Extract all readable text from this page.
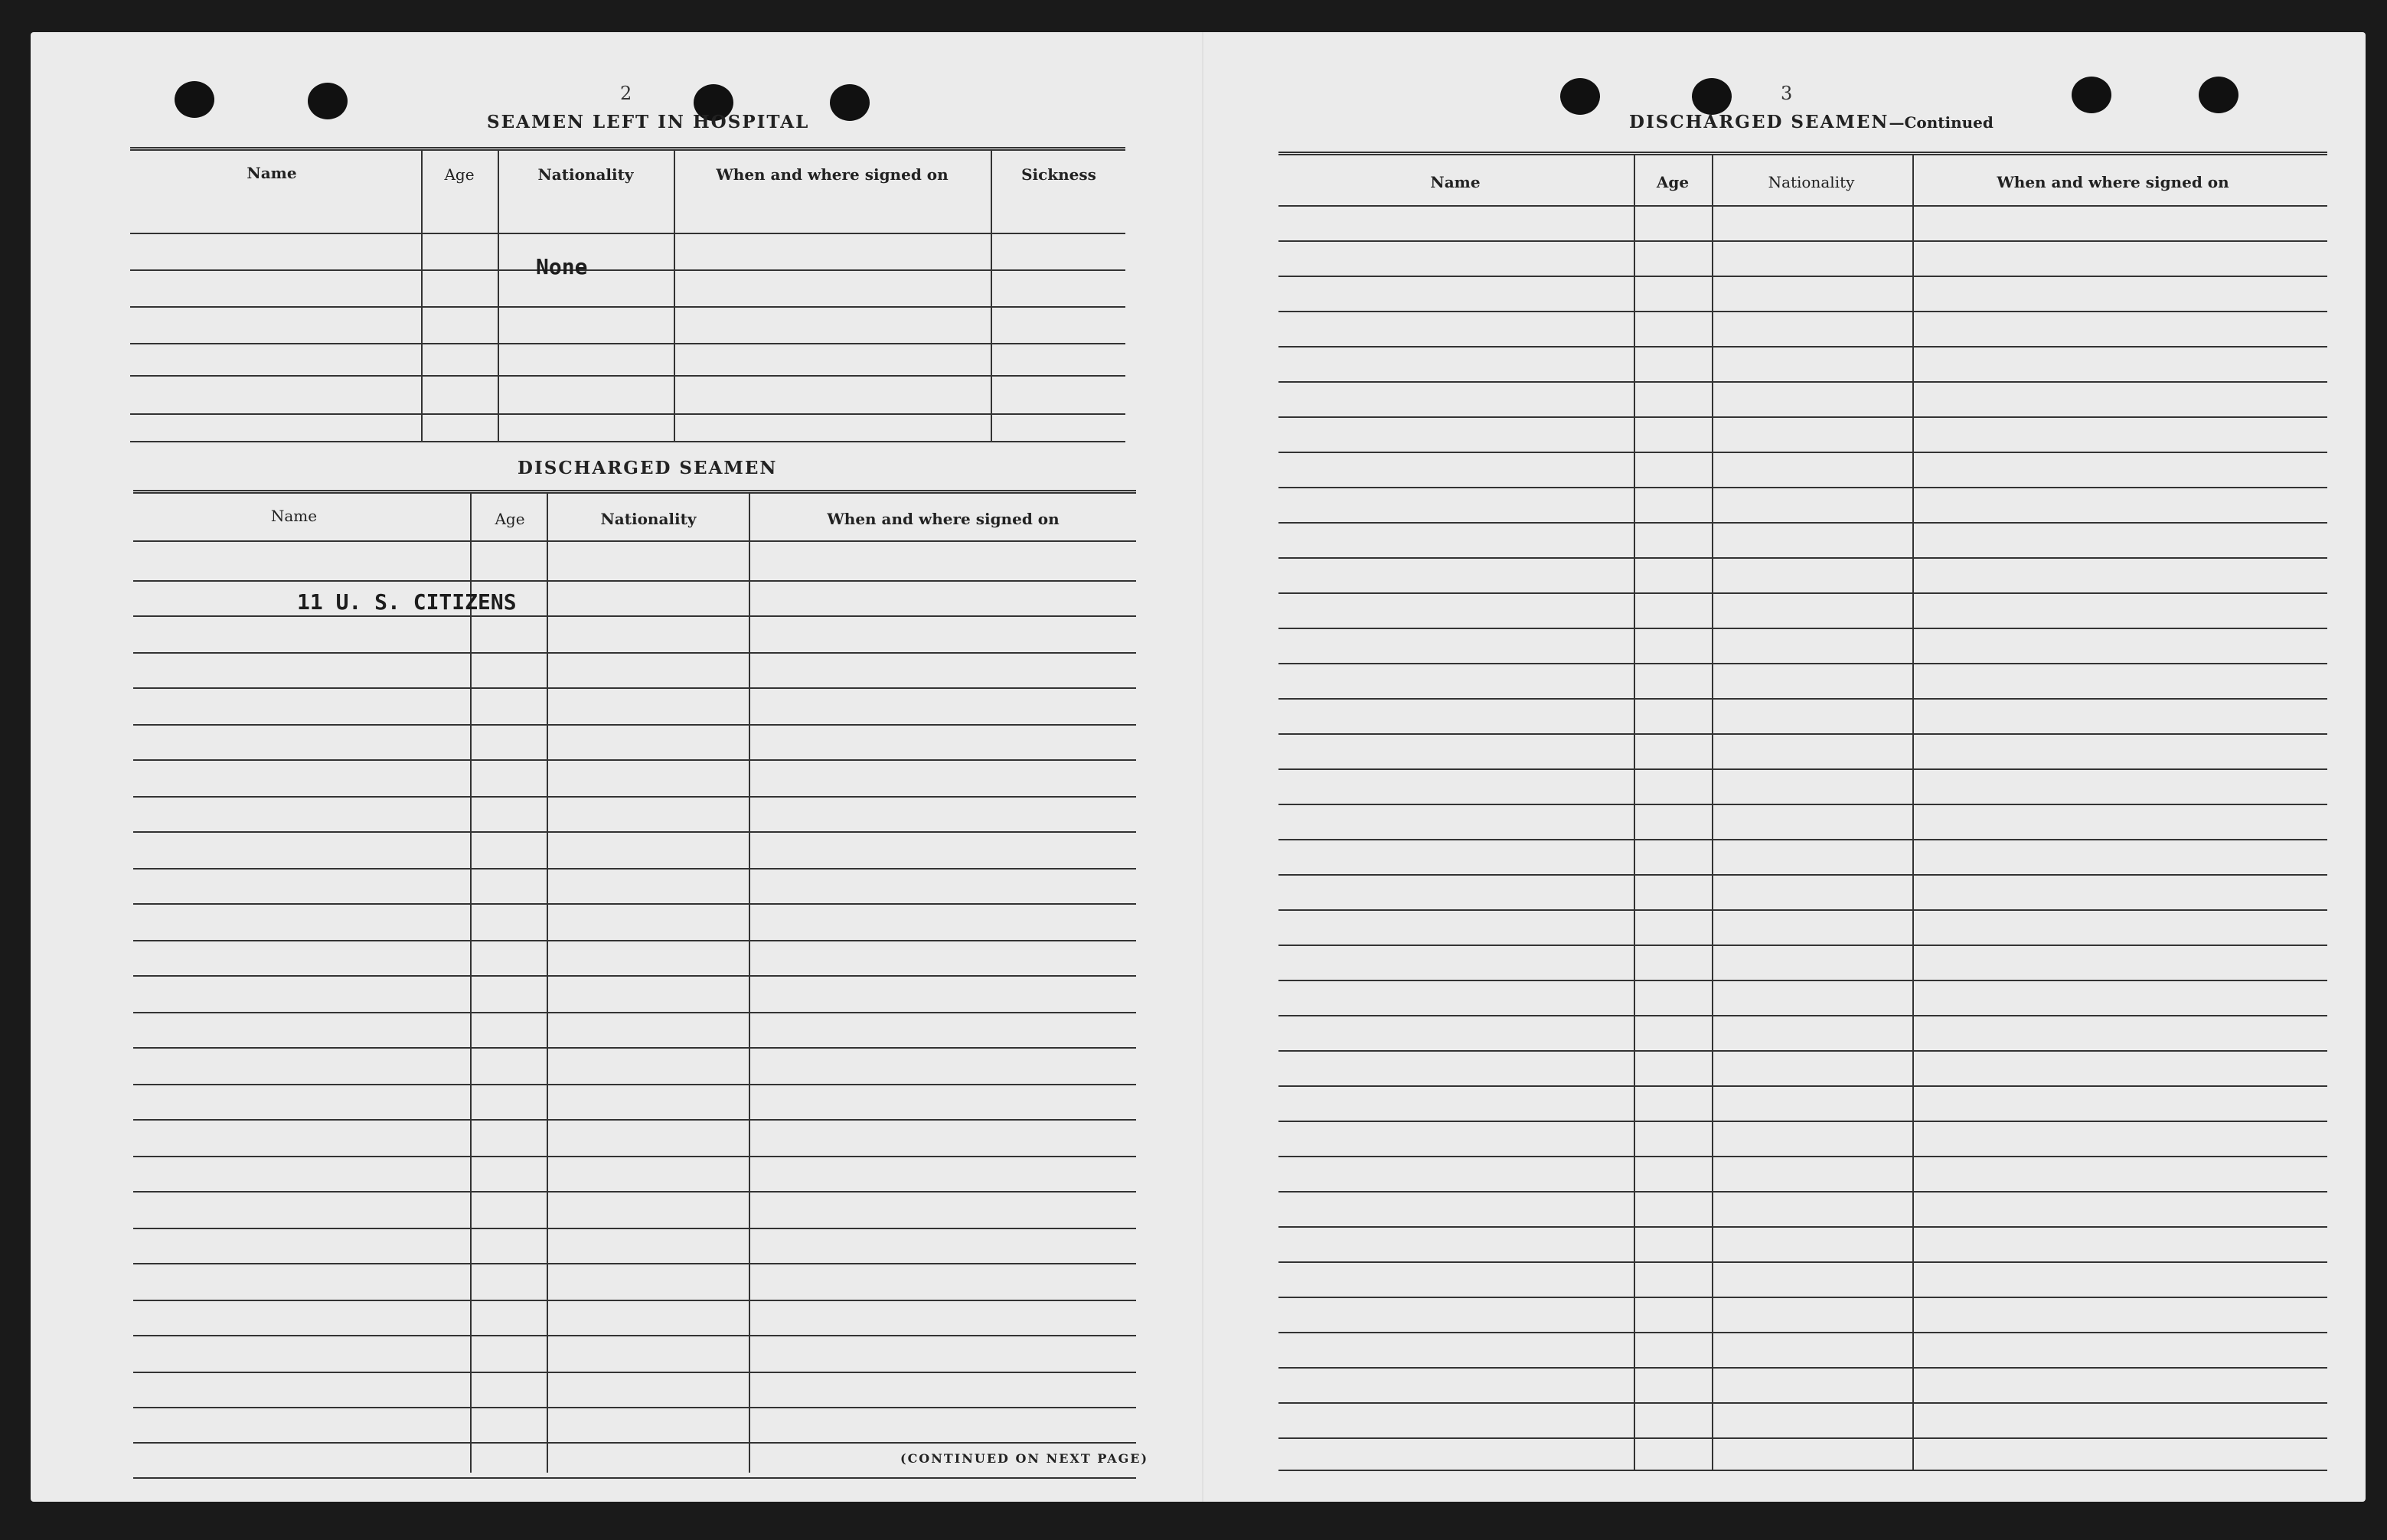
2
SEAMEN LEFT IN HOSPITAL
Name	Age	Nationality	When and where signed on	Sickness
None
DISCHARGED SEAMEN
Name	Age	Nationality	When and where signed on
11 U. S. CITIZENS
(CONTINUED ON NEXT PAGE)
3
DISCHARGED SEAMEN—Continued
Name	Age	Nationality	When and where signed on
